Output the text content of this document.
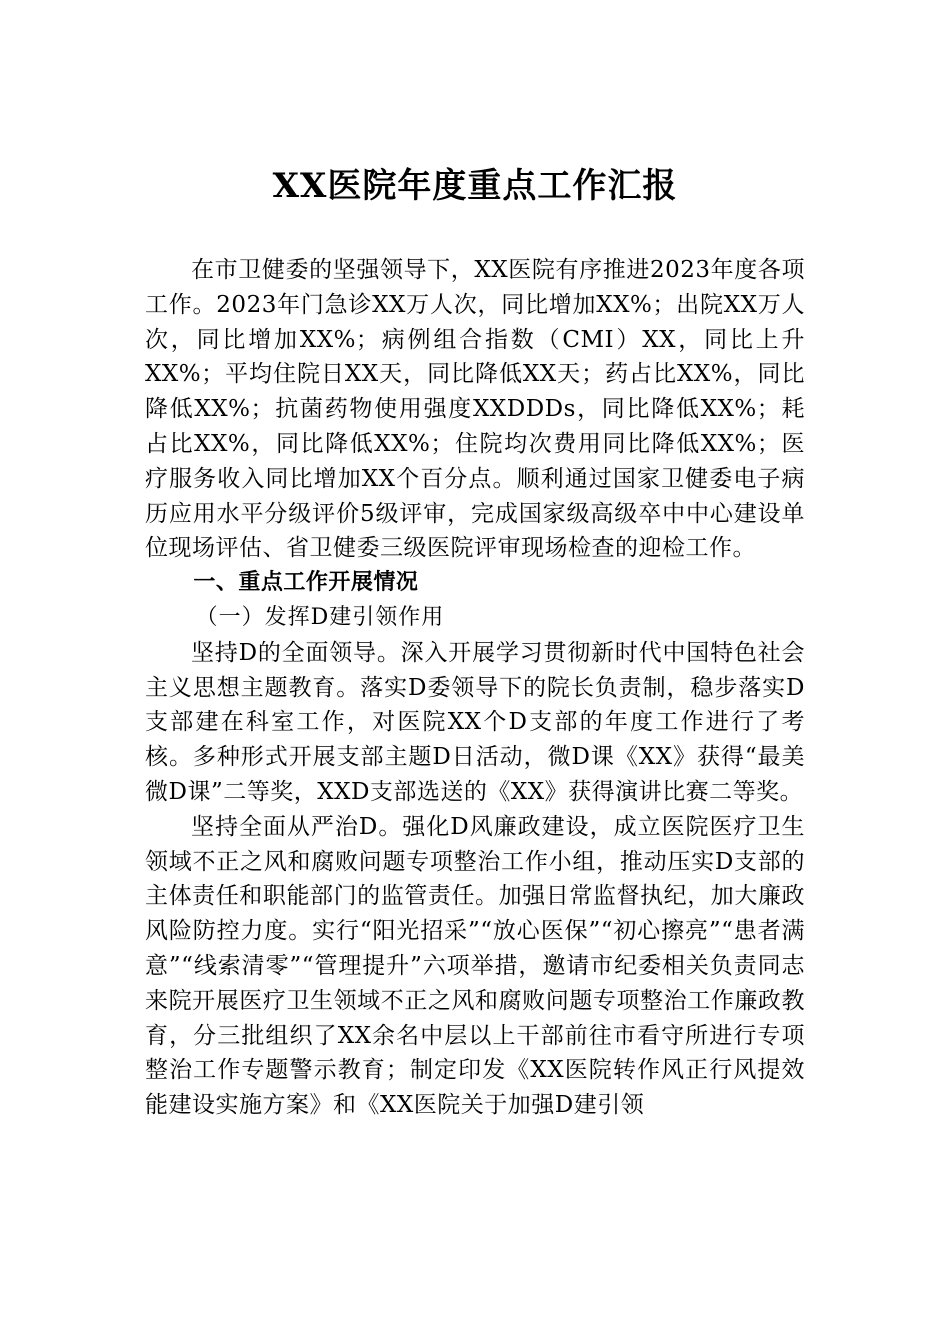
XX医院年度重点工作汇报

在市卫健委的坚强领导下，XX医院有序推进2023年度各项工作。2023年门急诊XX万人次，同比增加XX%；出院XX万人次，同比增加XX%；病例组合指数（CMI）XX，同比上升XX%；平均住院日XX天，同比降低XX天；药占比XX%，同比降低XX%；抗菌药物使用强度XXDDDs，同比降低XX%；耗占比XX%，同比降低XX%；住院均次费用同比降低XX%；医疗服务收入同比增加XX个百分点。顺利通过国家卫健委电子病历应用水平分级评价5级评审，完成国家级高级卒中中心建设单位现场评估、省卫健委三级医院评审现场检查的迎检工作。

一、重点工作开展情况

（一）发挥D建引领作用

坚持D的全面领导。深入开展学习贯彻新时代中国特色社会主义思想主题教育。落实D委领导下的院长负责制，稳步落实D支部建在科室工作，对医院XX个D支部的年度工作进行了考核。多种形式开展支部主题D日活动，微D课《XX》获得“最美微D课”二等奖，XXD支部选送的《XX》获得演讲比赛二等奖。

坚持全面从严治D。强化D风廉政建设，成立医院医疗卫生领域不正之风和腐败问题专项整治工作小组，推动压实D支部的主体责任和职能部门的监管责任。加强日常监督执纪，加大廉政风险防控力度。实行“阳光招采”“放心医保”“初心擦亮”“患者满意”“线索清零”“管理提升”六项举措，邀请市纪委相关负责同志来院开展医疗卫生领域不正之风和腐败问题专项整治工作廉政教育，分三批组织了XX余名中层以上干部前往市看守所进行专项整治工作专题警示教育；制定印发《XX医院转作风正行风提效能建设实施方案》和《XX医院关于加强D建引领
